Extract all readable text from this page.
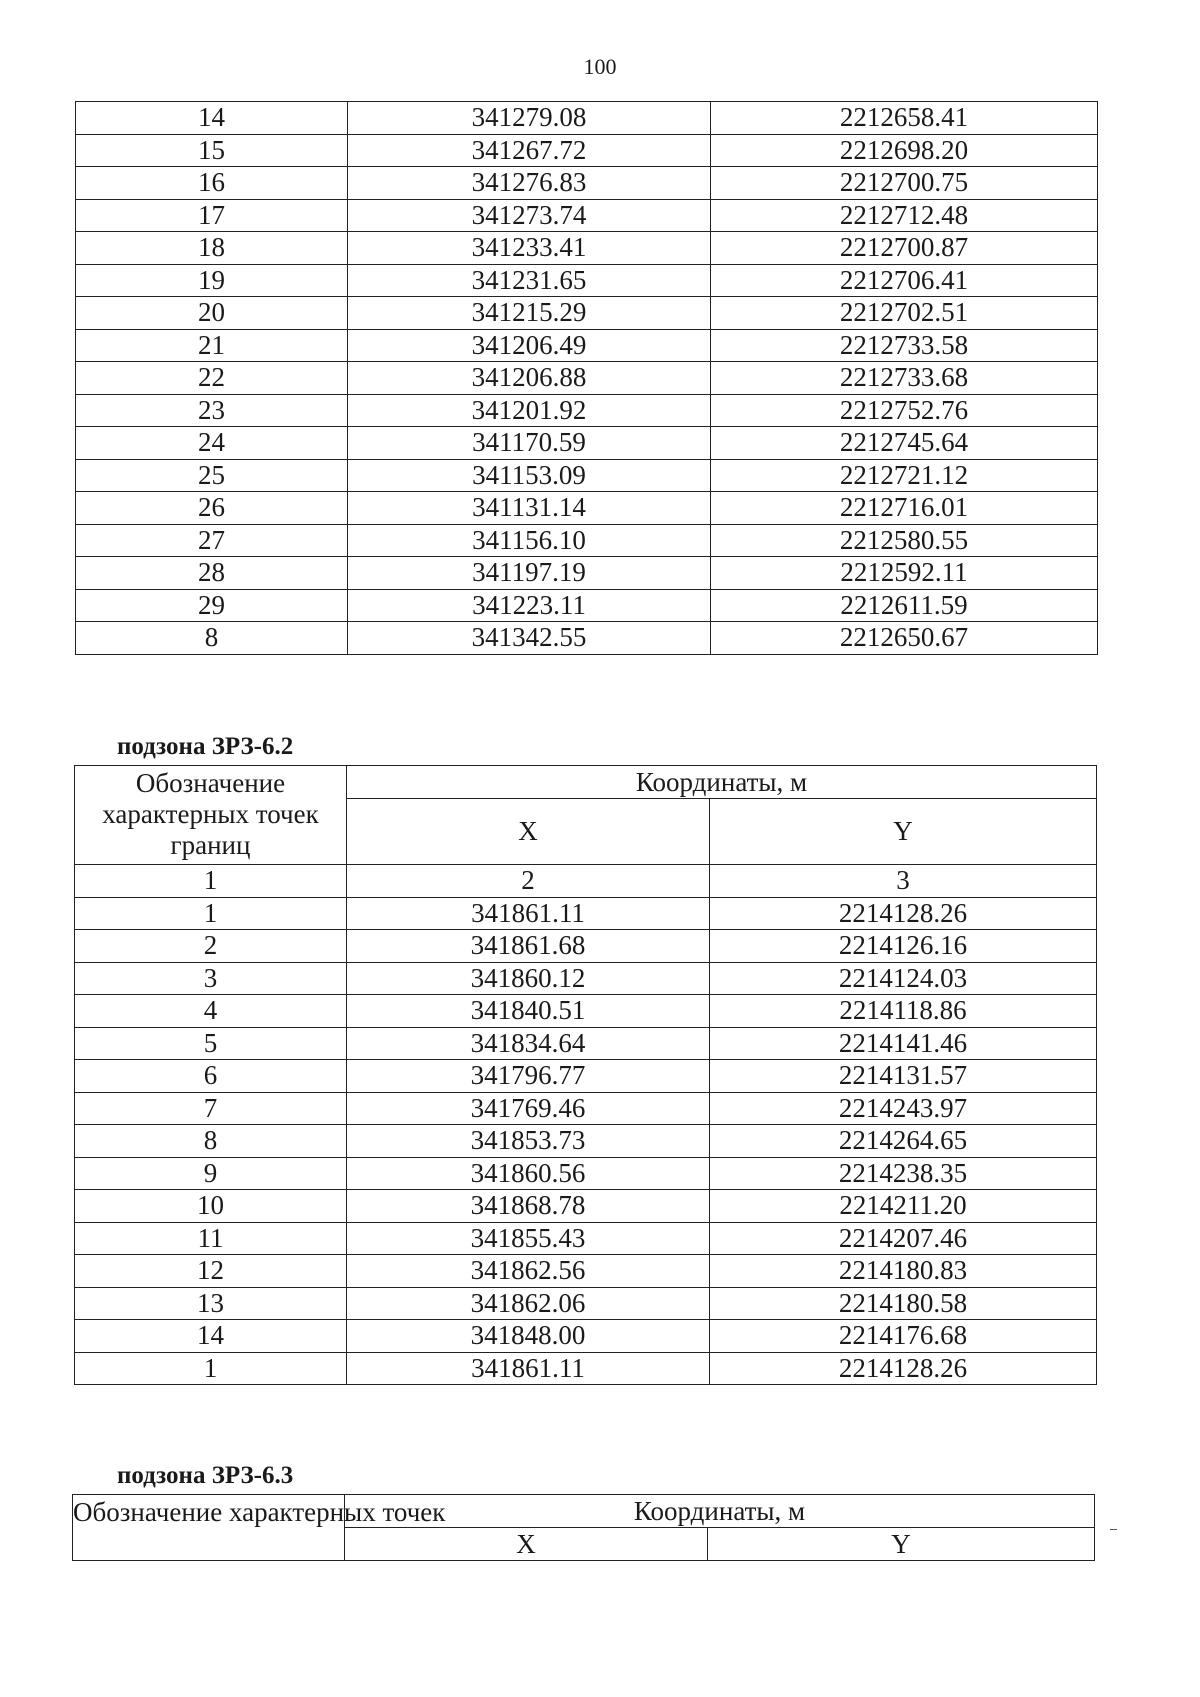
100
14	341279.08	2212658.41
15	341267.72	2212698.20
16	341276.83	2212700.75
17	341273.74	2212712.48
18	341233.41	2212700.87
19	341231.65	2212706.41
20	341215.29	2212702.51
21	341206.49	2212733.58
22	341206.88	2212733.68
23	341201.92	2212752.76
24	341170.59	2212745.64
25	341153.09	2212721.12
26	341131.14	2212716.01
27	341156.10	2212580.55
28	341197.19	2212592.11
29	341223.11	2212611.59
8	341342.55	2212650.67
подзона ЗРЗ-6.2
Обозначение характерных точек границ	Координаты, м	
	X	Y
1	2	3
1	341861.11	2214128.26
2	341861.68	2214126.16
3	341860.12	2214124.03
4	341840.51	2214118.86
5	341834.64	2214141.46
6	341796.77	2214131.57
7	341769.46	2214243.97
8	341853.73	2214264.65
9	341860.56	2214238.35
10	341868.78	2214211.20
11	341855.43	2214207.46
12	341862.56	2214180.83
13	341862.06	2214180.58
14	341848.00	2214176.68
1	341861.11	2214128.26
подзона ЗРЗ-6.3
Обозначение характерных точек	Координаты, м	
	X	Y
